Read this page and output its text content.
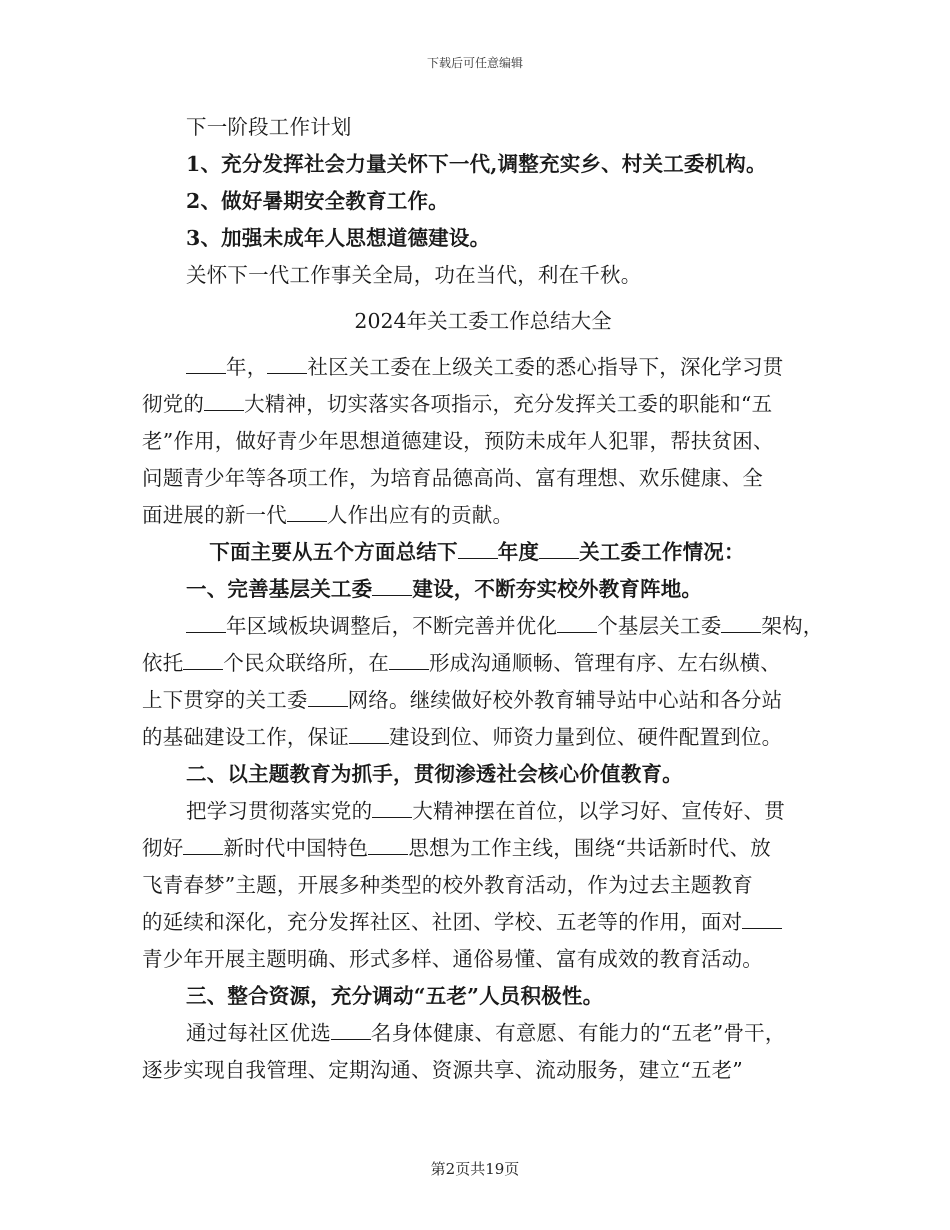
下载后可任意编辑
下一阶段工作计划
1、充分发挥社会力量关怀下一代,调整充实乡、村关工委机构。
2、做好暑期安全教育工作。
3、加强未成年人思想道德建设。
关怀下一代工作事关全局，功在当代，利在千秋。
2024年关工委工作总结大全
年， 社区关工委在上级关工委的悉心指导下，深化学习贯
彻党的 大精神，切实落实各项指示，充分发挥关工委的职能和“五
老”作用，做好青少年思想道德建设，预防未成年人犯罪，帮扶贫困、
问题青少年等各项工作，为培育品德高尚、富有理想、欢乐健康、全
面进展的新一代 人作出应有的贡献。
下面主要从五个方面总结下 年度 关工委工作情况：
一、完善基层关工委 建设，不断夯实校外教育阵地。
年区域板块调整后，不断完善并优化 个基层关工委 架构，
依托 个民众联络所，在 形成沟通顺畅、管理有序、左右纵横、
上下贯穿的关工委 网络。继续做好校外教育辅导站中心站和各分站
的基础建设工作，保证 建设到位、师资力量到位、硬件配置到位。
二、以主题教育为抓手，贯彻渗透社会核心价值教育。
把学习贯彻落实党的 大精神摆在首位，以学习好、宣传好、贯
彻好 新时代中国特色 思想为工作主线，围绕“共话新时代、放
飞青春梦”主题，开展多种类型的校外教育活动，作为过去主题教育
的延续和深化，充分发挥社区、社团、学校、五老等的作用，面对
青少年开展主题明确、形式多样、通俗易懂、富有成效的教育活动。
三、整合资源，充分调动“五老”人员积极性。
通过每社区优选 名身体健康、有意愿、有能力的“五老”骨干，
逐步实现自我管理、定期沟通、资源共享、流动服务，建立“五老”
第2页共19页
